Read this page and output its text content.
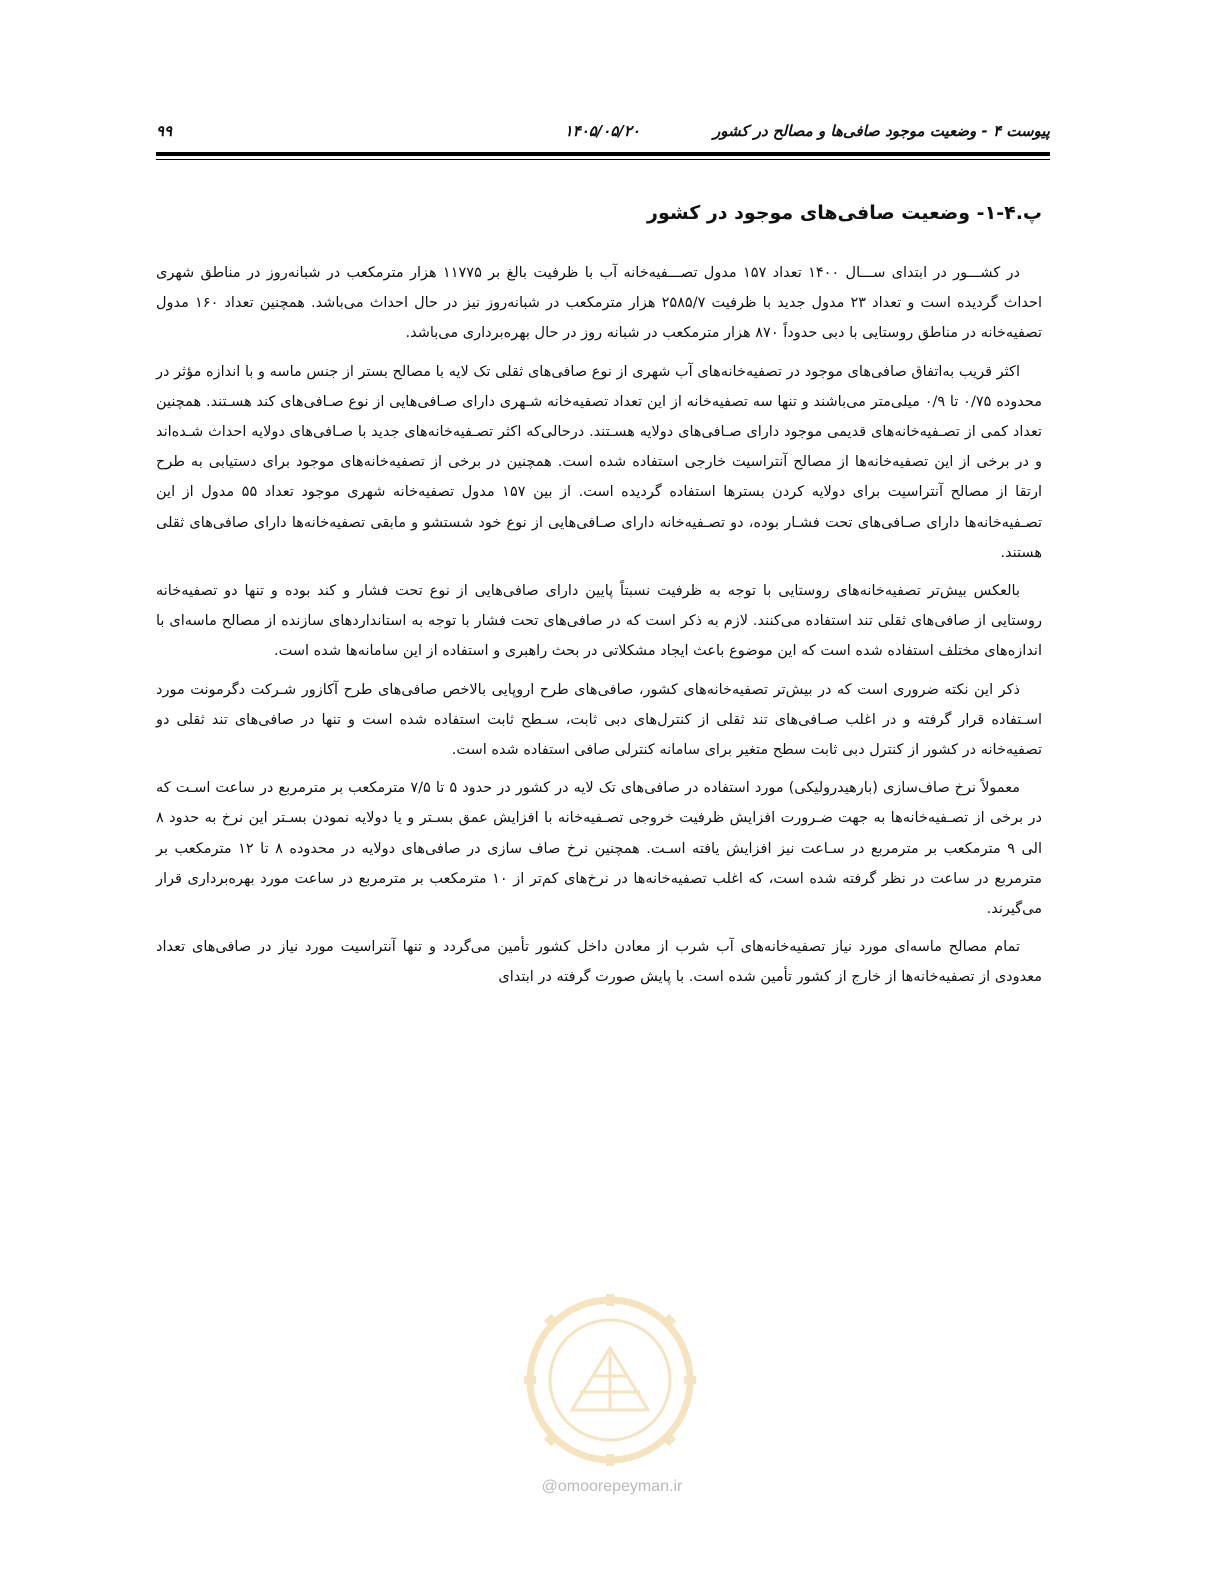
پیوست ۴ - وضعیت موجود صافی‌ها و مصالح در کشور
۱۴۰۵/۰۵/۲۰
۹۹
پ.۴-۱- وضعیت صافی‌های موجود در کشور

در کشـــور در ابتدای ســـال ۱۴۰۰ تعداد ۱۵۷ مدول تصـــفیه‌خانه آب با ظرفیت بالغ بر ۱۱۷۷۵ هزار مترمکعب در شبانه‌روز در مناطق شهری احداث گردیده است و تعداد ۲۳ مدول جدید با ظرفیت ۲۵۸۵/۷ هزار مترمکعب در شبانه‌روز نیز در حال احداث می‌باشد. همچنین تعداد ۱۶۰ مدول تصفیه‌خانه در مناطق روستایی با دبی حدوداً ۸۷۰ هزار مترمکعب در شبانه روز در حال بهره‌برداری می‌باشد.

اکثر قریب به‌اتفاق صافی‌های موجود در تصفیه‌خانه‌های آب شهری از نوع صافی‌های ثقلی تک لایه با مصالح بستر از جنس ماسه و با اندازه مؤثر در محدوده ۰/۷۵ تا ۰/۹ میلی‌متر می‌باشند و تنها سه تصفیه‌خانه از این تعداد تصفیه‌خانه شـهری دارای صـافی‌هایی از نوع صـافی‌های کند هسـتند. همچنین تعداد کمی از تصـفیه‌خانه‌های قدیمی موجود دارای صـافی‌های دولایه هسـتند. درحالی‌که اکثر تصـفیه‌خانه‌های جدید با صـافی‌های دولایه احداث شـده‌اند و در برخی از این تصفیه‌خانه‌ها از مصالح آنتراسیت خارجی استفاده شده است. همچنین در برخی از تصفیه‌خانه‌های موجود برای دستیابی به طرح ارتقا از مصالح آنتراسیت برای دولایه کردن بسترها استفاده گردیده است. از بین ۱۵۷ مدول تصفیه‌خانه شهری موجود تعداد ۵۵ مدول از این تصـفیه‌خانه‌ها دارای صـافی‌های تحت فشـار بوده، دو تصـفیه‌خانه دارای صـافی‌هایی از نوع خود شستشو و مابقی تصفیه‌خانه‌ها دارای صافی‌های ثقلی هستند.

بالعکس بیش‌تر تصفیه‌خانه‌های روستایی با توجه به ظرفیت نسبتاً پایین دارای صافی‌هایی از نوع تحت فشار و کند بوده و تنها دو تصفیه‌خانه روستایی از صافی‌های ثقلی تند استفاده می‌کنند. لازم به ذکر است که در صافی‌های تحت فشار با توجه به استانداردهای سازنده از مصالح ماسه‌ای با اندازه‌های مختلف استفاده شده است که این موضوع باعث ایجاد مشکلاتی در بحث راهبری و استفاده از این سامانه‌ها شده است.

ذکر این نکته ضروری است که در بیش‌تر تصفیه‌خانه‌های کشور، صافی‌های طرح اروپایی بالاخص صافی‌های طرح آکازور شـرکت دگرمونت مورد اسـتفاده قرار گرفته و در اغلب صـافی‌های تند ثقلی از کنترل‌های دبی ثابت، سـطح ثابت استفاده شده است و تنها در صافی‌های تند ثقلی دو تصفیه‌خانه در کشور از کنترل دبی ثابت سطح متغیر برای سامانه کنترلی صافی استفاده شده است.

معمولاً نرخ صاف‌سازی (بارهیدرولیکی) مورد استفاده در صافی‌های تک لایه در کشور در حدود ۵ تا ۷/۵ مترمکعب بر مترمربع در ساعت اسـت که در برخی از تصـفیه‌خانه‌ها به جهت ضـرورت افزایش ظرفیت خروجی تصـفیه‌خانه با افزایش عمق بسـتر و یا دولایه نمودن بسـتر این نرخ به حدود ۸ الی ۹ مترمکعب بر مترمربع در سـاعت نیز افزایش یافته اسـت. همچنین نرخ صاف سازی در صافی‌های دولایه در محدوده ۸ تا ۱۲ مترمکعب بر مترمربع در ساعت در نظر گرفته شده است، که اغلب تصفیه‌خانه‌ها در نرخ‌های کم‌تر از ۱۰ مترمکعب بر مترمربع در ساعت مورد بهره‌برداری قرار می‌گیرند.

تمام مصالح ماسه‌ای مورد نیاز تصفیه‌خانه‌های آب شرب از معادن داخل کشور تأمین می‌گردد و تنها آنتراسیت مورد نیاز در صافی‌های تعداد معدودی از تصفیه‌خانه‌ها از خارج از کشور تأمین شده است. با پایش صورت گرفته در ابتدای

@omoorepeyman.ir
